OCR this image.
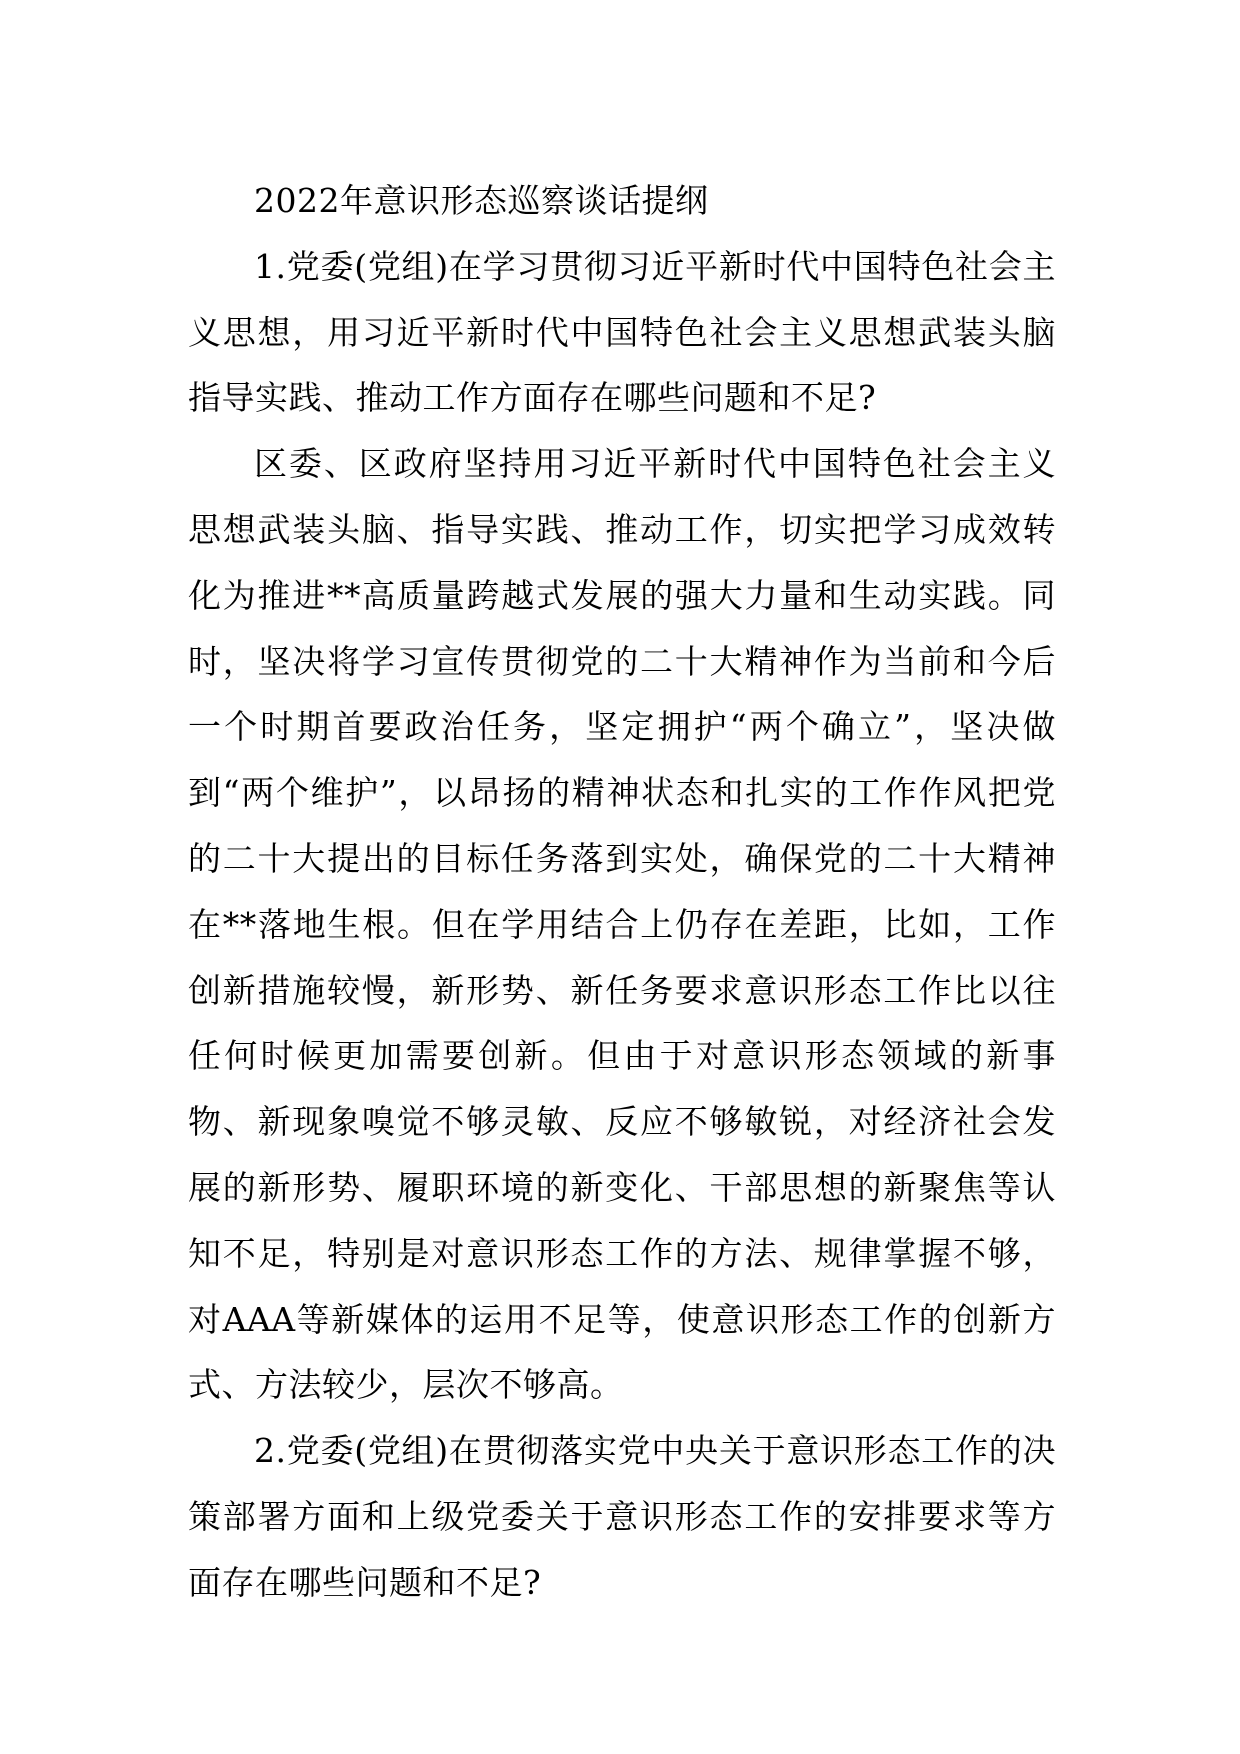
2022年意识形态巡察谈话提纲

1.党委(党组)在学习贯彻习近平新时代中国特色社会主义思想，用习近平新时代中国特色社会主义思想武装头脑指导实践、推动工作方面存在哪些问题和不足?

区委、区政府坚持用习近平新时代中国特色社会主义思想武装头脑、指导实践、推动工作，切实把学习成效转化为推进**高质量跨越式发展的强大力量和生动实践。同时，坚决将学习宣传贯彻党的二十大精神作为当前和今后一个时期首要政治任务，坚定拥护“两个确立”，坚决做到“两个维护”，以昂扬的精神状态和扎实的工作作风把党的二十大提出的目标任务落到实处，确保党的二十大精神在**落地生根。但在学用结合上仍存在差距，比如，工作创新措施较慢，新形势、新任务要求意识形态工作比以往任何时候更加需要创新。但由于对意识形态领域的新事物、新现象嗅觉不够灵敏、反应不够敏锐，对经济社会发展的新形势、履职环境的新变化、干部思想的新聚焦等认知不足，特别是对意识形态工作的方法、规律掌握不够，对AAA等新媒体的运用不足等，使意识形态工作的创新方式、方法较少，层次不够高。

2.党委(党组)在贯彻落实党中央关于意识形态工作的决策部署方面和上级党委关于意识形态工作的安排要求等方面存在哪些问题和不足?
